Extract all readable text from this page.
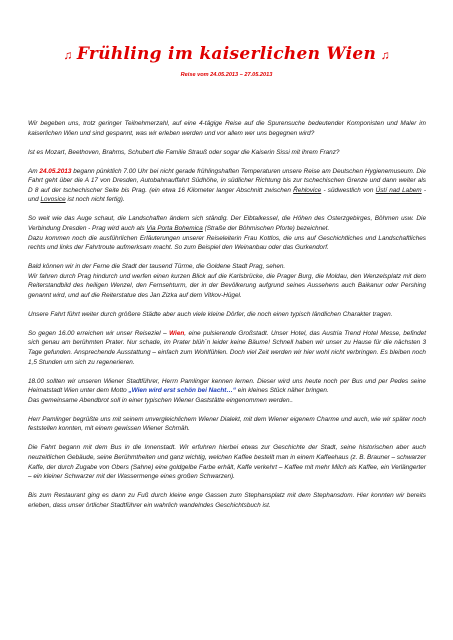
♫ Frühling im kaiserlichen Wien ♫
Reise vom 24.05.2013 – 27.05.2013

Wir begeben uns, trotz geringer Teilnehmerzahl, auf eine 4-tägige Reise auf die Spurensuche bedeutender Komponisten und Maler im kaiserlichen Wien und sind gespannt, was wir erleben werden und vor allem wer uns begegnen wird?

Ist es Mozart, Beethoven, Brahms, Schubert die Familie Strauß oder sogar die Kaiserin Sissi mit ihrem Franz?

Am 24.05.2013 begann pünktlich 7.00 Uhr bei nicht gerade frühlingshaften Temperaturen unsere Reise am Deutschen Hygienemuseum. Die Fahrt geht über die A 17 von Dresden, Autobahnauffahrt Südhöhe, in südlicher Richtung bis zur tschechischen Grenze und dann weiter als D 8 auf der tschechischer Seite bis Prag. (ein etwa 16 Kilometer langer Abschnitt zwischen Řehlovice - südwestlich von Ústí nad Labem - und Lovosice ist noch nicht fertig).

So weit wie das Auge schaut, die Landschaften ändern sich ständig. Der Elbtalkessel, die Höhen des Osterzgebirges, Böhmen usw. Die Verbindung Dresden - Prag wird auch als Via Porta Bohemica (Straße der Böhmischen Pforte) bezeichnet.
Dazu kommen noch die ausführlichen Erläuterungen unserer Reiseleiterin Frau Kottlos, die uns auf Geschichtliches und Landschaftliches rechts und links der Fahrtroute aufmerksam macht. So zum Beispiel den Weinanbau oder das Gurkendorf.

Bald können wir in der Ferne die Stadt der tausend Türme, die Goldene Stadt Prag, sehen.
Wir fahren durch Prag hindurch und werfen einen kurzen Blick auf die Karlsbrücke, die Prager Burg, die Moldau, den Wenzelsplatz mit dem Reiterstandbild des heiligen Wenzel, den Fernsehturm, der in der Bevölkerung aufgrund seines Aussehens auch Baikanur oder Pershing genannt wird, und auf die Reiterstatue des Jan Zizka auf dem Vitkov-Hügel.

Unsere Fahrt führt weiter durch größere Städte aber auch viele kleine Dörfer, die noch einen typisch ländlichen Charakter tragen.

So gegen 16.00 erreichen wir unser Reiseziel – Wien, eine pulsierende Großstadt. Unser Hotel, das Austria Trend Hotel Messe, befindet sich genau am berühmten Prater. Nur schade, im Prater blüh´n leider keine Bäume! Schnell haben wir unser zu Hause für die nächsten 3 Tage gefunden. Ansprechende Ausstattung – einfach zum Wohlfühlen. Doch viel Zeit werden wir hier wohl nicht verbringen. Es bleiben noch 1,5 Stunden um sich zu regenerieren.

18.00 sollten wir unseren Wiener Stadtführer, Herrn Pamlinger kennen lernen. Dieser wird uns heute noch per Bus und per Pedes seine Heimatstadt Wien unter dem Motto „Wien wird erst schön bei Nacht…“ ein kleines Stück näher bringen.
Das gemeinsame Abendbrot soll in einer typischen Wiener Gaststätte eingenommen werden..

Herr Pamlinger begrüßte uns mit seinem unvergleichlichem Wiener Dialekt, mit dem Wiener eigenem Charme und auch, wie wir später noch feststellen konnten, mit einem gewissen Wiener Schmäh.

Die Fahrt begann mit dem Bus in die Innenstadt. Wir erfuhren hierbei etwas zur Geschichte der Stadt, seine historischen aber auch neuzeitlichen Gebäude, seine Berühmtheiten und ganz wichtig, welchen Kaffee bestellt man in einem Kaffeehaus (z. B. Brauner – schwarzer Kaffe, der durch Zugabe von Obers (Sahne) eine goldgelbe Farbe erhält, Kaffe verkehrt – Kaffee mit mehr Milch als Kaffee, ein Verlängerter – ein kleiner Schwarzer mit der Wassermenge eines großen Schwarzen).

Bis zum Restaurant ging es dann zu Fuß durch kleine enge Gassen zum Stephansplatz mit dem Stephansdom. Hier konnten wir bereits erleben, dass unser örtlicher Stadtführer ein wahrlich wandelndes Geschichtsbuch ist.
